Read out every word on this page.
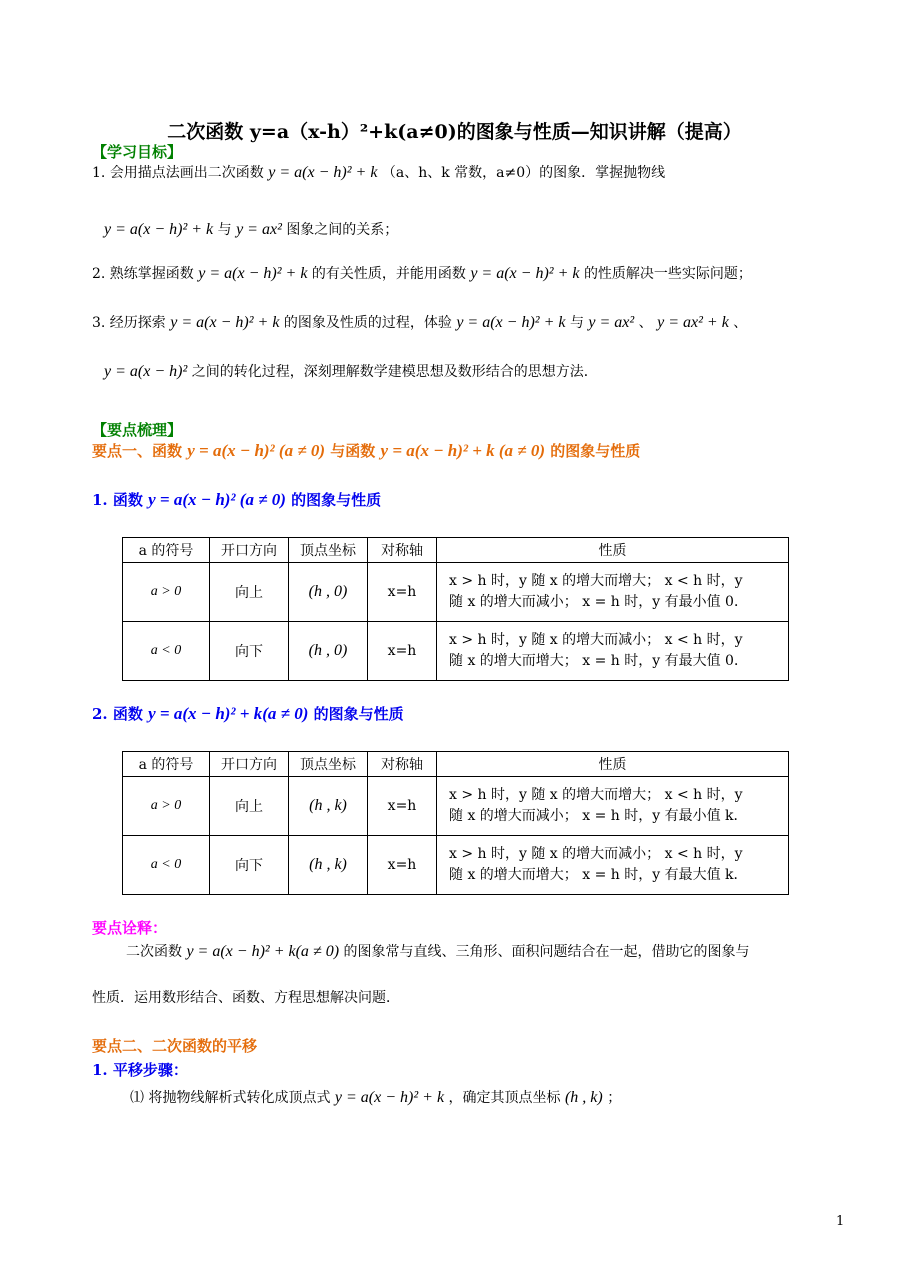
二次函数 y=a（x-h）²+k(a≠0)的图象与性质—知识讲解（提高）
【学习目标】
1. 会用描点法画出二次函数 y = a(x − h)² + k （a、h、k 常数，a≠0）的图象．掌握抛物线
y = a(x − h)² + k 与 y = ax² 图象之间的关系；
2. 熟练掌握函数 y = a(x − h)² + k 的有关性质，并能用函数 y = a(x − h)² + k 的性质解决一些实际问题；
3. 经历探索 y = a(x − h)² + k 的图象及性质的过程，体验 y = a(x − h)² + k 与 y = ax² 、 y = ax² + k 、
y = a(x − h)² 之间的转化过程，深刻理解数学建模思想及数形结合的思想方法．
【要点梳理】
要点一、函数 y = a(x − h)² (a ≠ 0) 与函数 y = a(x − h)² + k (a ≠ 0) 的图象与性质
1. 函数 y = a(x − h)² (a ≠ 0) 的图象与性质
a 的符号	开口方向	顶点坐标	对称轴	性质
a > 0	向上	(h , 0)	x=h	x > h 时，y 随 x 的增大而增大； x < h 时，y
随 x 的增大而减小； x = h 时，y 有最小值 0．

a < 0	向下	(h , 0)	x=h	x > h 时，y 随 x 的增大而减小； x < h 时，y
随 x 的增大而增大； x = h 时，y 有最大值 0．
2. 函数 y = a(x − h)² + k(a ≠ 0) 的图象与性质
a 的符号	开口方向	顶点坐标	对称轴	性质
a > 0	向上	(h , k)	x=h	x > h 时，y 随 x 的增大而增大； x < h 时，y
随 x 的增大而减小； x = h 时，y 有最小值 k．

a < 0	向下	(h , k)	x=h	x > h 时，y 随 x 的增大而减小； x < h 时，y
随 x 的增大而增大； x = h 时，y 有最大值 k．
要点诠释：
二次函数 y = a(x − h)² + k(a ≠ 0) 的图象常与直线、三角形、面积问题结合在一起，借助它的图象与
性质．运用数形结合、函数、方程思想解决问题．
要点二、二次函数的平移
1. 平移步骤：
⑴ 将抛物线解析式转化成顶点式 y = a(x − h)² + k ，确定其顶点坐标 (h , k) ；
1
